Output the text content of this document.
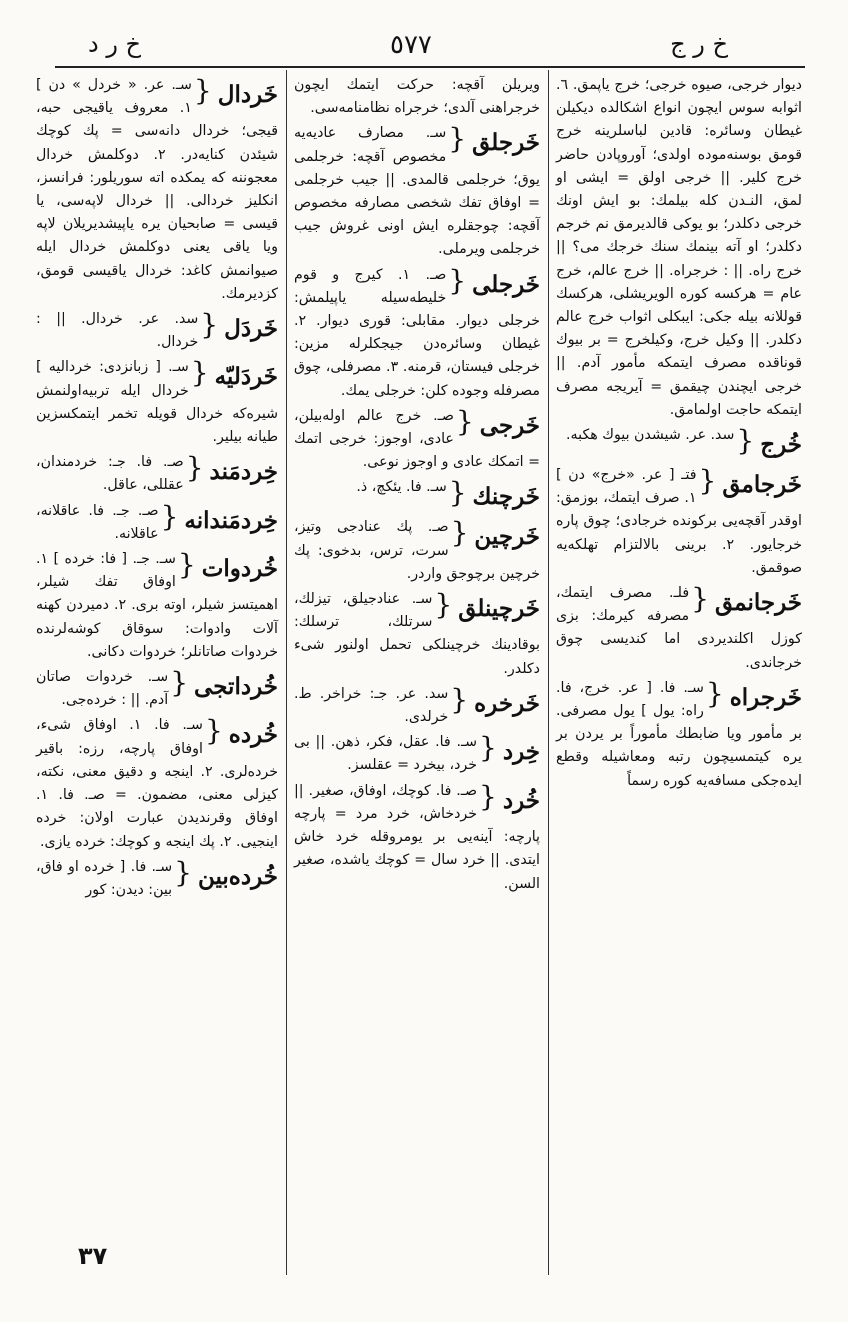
خ ر د	٥٧٧	خ ر ج
دیوار خرجی، صیوه خرجی؛ خرج یاپمق. ٦. اثوابه سوس ایچون انواع اشکالده دیکیلن غیطان وسائره: قادین لباسلرینه خرج قومق بوسنه‌موده اولدی؛ آوروپادن حاضر خرج کلیر. || خرجی اولق = ایشی او لمق، النـدن کله‌ بیلمك: بو ایش اونك خرجی دکلدر؛ بو یوکی قالدیرمق نم خرجم دکلدر؛ او آته بینمك سنك خرجك می؟ || خرج راه. || : خرجراه. || خرج عالم، خرج عام = هرکسه کوره الویریشلی، هرکسك قوللانه بیله جکی: ایبکلی اثواب خرج عالم دکلدر. || وکیل خرج، وکیلخرج = بر بیوك قوناقده مصرف ایتمکه مأمور آدم. || خرجی ایچندن چیقمق = آیریجه مصرف ایتمکه حاجت اولمامق.
خُرج
{
سد. عر. شیشدن بیوك هکبه.
خَرجامق
{
فتـ [ عر. «خرج» دن ] ١. صرف ایتمك، بوزمق: اوقدر آقچه‌یی برکونده خرجادی؛ چوق پاره خرجایور. ٢. برینی بالالتزام تهلکه‌یه صوقمق.
خَرجانمق
{
فلـ. مصرف ایتمك، مصرفه کیرمك: بزی کوزل اکلندیردی اما کندیسی چوق خرجاندی.
خَرجراه
{
سـ. فا. [ عر. خرج، فا. راه: یول ] یول مصرفی. بر مأمور ویا ضابطك مأموراً بر یردن بر یره کیتمسیچون رتبه ومعاشیله وقطع ایده‌جکی مسافه‌یه کوره رسماً
ویریلن آقچه: حرکت ایتمك ایچون خرجراهنی آلدی؛ خرجراه نظامنامه‌سی.
خَرجلق
{
سـ. مصارف عادیه‌یه مخصوص آقچه: خرجلمی یوق؛ خرجلمی قالمدی. || جیب خرجلمی = اوفاق تفك شخصی مصارفه مخصوص آقچه: چوجقلره ایش اونی غروش جیب خرجلمی ویرملی.
خَرجلی
{
صـ. ١. کیرج و قوم خلیطه‌سیله یاپیلمش: خرجلی دیوار. مقابلی: قوری دیوار. ٢. غیطان وسائره‌دن جیجکلرله مزین: خرجلی فیستان، قرمنه. ٣. مصرفلی، چوق مصرفله وجوده کلن: خرجلی یمك.
خَرجی
{
صـ. خرج عالم اوله‌بیلن، عادی، اوجوز: خرجی اتمك = اتمکك عادی و اوجوز نوعی.
خَرچنك
{
سـ. فا. یئکچ، ذ.
خَرچین
{
صـ. پك عنادجی وتیز، سرت، ترس، بدخوی: پك خرچین برچوجق واردر.
خَرچینلق
{
سـ. عنادجیلق، تیزلك، سرتلك، ترسلك: بوقادینك خرچینلکی تحمل اولنور شیء دکلدر.
خَرخره
{
سد. عر. جـ: خراخر. ط. خرلدی.
خِرد
{
سـ. فا. عقل، فکر، ذهن. || بی خرد، بیخرد = عقلسز.
خُرد
{
صـ. فا. کوچك، اوفاق، صغیر. || خردخاش، خرد مرد = پارچه پارچه: آینه‌یی بر یومروقله خرد خاش ایتدی. || خرد سال = کوچك یاشده، صغیر السن.
خَردال
{
سـ. عر. « خردل » دن ] ١. معروف یاقیجی حبه، قیجی؛ خردال دانه‌سی = پك کوچك شیئدن کنایه‌در. ٢. دوکلمش خردال معجوننه که یمکده اته سوریلور: فرانسز، انکلیز خردالی. || خردال لاپه‌سی، یا قیسی = صابحیان یره یاپیشدیریلان لاپه ویا یاقی یعنی دوکلمش خردال ایله صیوانمش کاغد: خردال یاقیسی قومق، کزدیرمك.
خَردَل
{
سد. عر. خردال. || : خردال.
خَردَلیّه
{
سـ. [ زبانزدی: خردالیه ] خردال ایله تربیه‌اولنمش شیره‌که خردال قویله تخمر ایتمکسزین طیانه بیلیر.
خِردمَند
{
صـ. فا. جـ: خردمندان، عقللی، عاقل.
خِردمَندانه
{
صـ. جـ. فا. عاقلانه، عاقلانه.
خُردوات
{
سـ. جـ. [ فا: خرده ] ١. اوفاق تفك شیلر، اهمیتسز شیلر، اوته بری. ٢. دمیردن کهنه آلات وادوات: سوقاق کوشه‌لرنده خردوات صاتانلر؛ خردوات دکانی.
خُرداتجی
{
سـ. خردوات صاتان آدم. || : خرده‌جی.
خُرده
{
سـ. فا. ١. اوفاق شیء، اوفاق پارچه، رزه: باقیر خرده‌لری. ٢. اینجه و دقیق معنی، نکته، کیزلی معنی، مضمون. = صـ. فا. ١. اوفاق وقرندیدن عبارت اولان: خرده اینجیی. ٢. پك اینجه و کوچك: خرده یازی.
خُرده‌بین
{
سـ. فا. [ خرده او فاق، بین: دیدن: کور
٣٧
